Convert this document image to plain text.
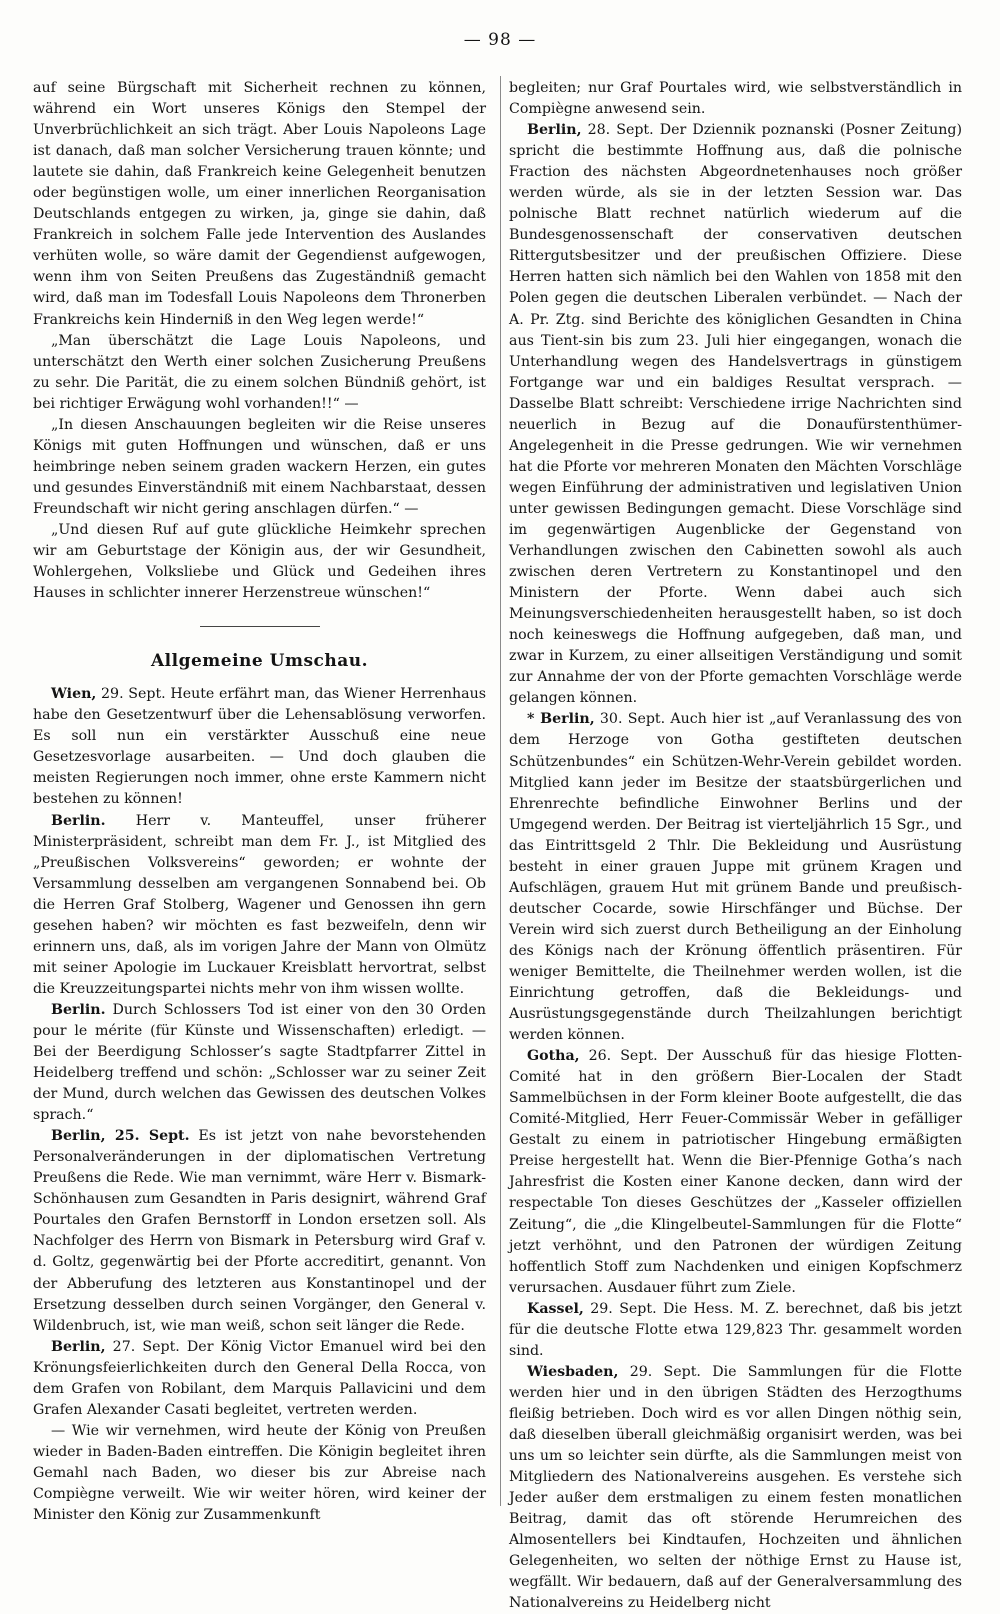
— 98 —

auf seine Bürgschaft mit Sicherheit rechnen zu können, während ein Wort unseres Königs den Stempel der Unverbrüchlichkeit an sich trägt. Aber Louis Napoleons Lage ist danach, daß man solcher Versicherung trauen könnte; und lautete sie dahin, daß Frankreich keine Gelegenheit benutzen oder begünstigen wolle, um einer innerlichen Reorganisation Deutschlands entgegen zu wirken, ja, ginge sie dahin, daß Frankreich in solchem Falle jede Intervention des Auslandes verhüten wolle, so wäre damit der Gegendienst aufgewogen, wenn ihm von Seiten Preußens das Zugeständniß gemacht wird, daß man im Todesfall Louis Napoleons dem Thronerben Frankreichs kein Hinderniß in den Weg legen werde!“

„Man überschätzt die Lage Louis Napoleons, und unterschätzt den Werth einer solchen Zusicherung Preußens zu sehr. Die Parität, die zu einem solchen Bündniß gehört, ist bei richtiger Erwägung wohl vorhanden!!“ —

„In diesen Anschauungen begleiten wir die Reise unseres Königs mit guten Hoffnungen und wünschen, daß er uns heimbringe neben seinem graden wackern Herzen, ein gutes und gesundes Einverständniß mit einem Nachbarstaat, dessen Freundschaft wir nicht gering anschlagen dürfen.“ —

„Und diesen Ruf auf gute glückliche Heimkehr sprechen wir am Geburtstage der Königin aus, der wir Gesundheit, Wohlergehen, Volksliebe und Glück und Gedeihen ihres Hauses in schlichter innerer Herzenstreue wünschen!“

Allgemeine Umschau.

Wien, 29. Sept. Heute erfährt man, das Wiener Herrenhaus habe den Gesetzentwurf über die Lehensablösung verworfen. Es soll nun ein verstärkter Ausschuß eine neue Gesetzesvorlage ausarbeiten. — Und doch glauben die meisten Regierungen noch immer, ohne erste Kammern nicht bestehen zu können!

Berlin. Herr v. Manteuffel, unser früherer Ministerpräsident, schreibt man dem Fr. J., ist Mitglied des „Preußischen Volksvereins“ geworden; er wohnte der Versammlung desselben am vergangenen Sonnabend bei. Ob die Herren Graf Stolberg, Wagener und Genossen ihn gern gesehen haben? wir möchten es fast bezweifeln, denn wir erinnern uns, daß, als im vorigen Jahre der Mann von Olmütz mit seiner Apologie im Luckauer Kreisblatt hervortrat, selbst die Kreuzzeitungspartei nichts mehr von ihm wissen wollte.

Berlin. Durch Schlossers Tod ist einer von den 30 Orden pour le mérite (für Künste und Wissenschaften) erledigt. — Bei der Beerdigung Schlosser’s sagte Stadtpfarrer Zittel in Heidelberg treffend und schön: „Schlosser war zu seiner Zeit der Mund, durch welchen das Gewissen des deutschen Volkes sprach.“

Berlin, 25. Sept. Es ist jetzt von nahe bevorstehenden Personalveränderungen in der diplomatischen Vertretung Preußens die Rede. Wie man vernimmt, wäre Herr v. Bismark-Schönhausen zum Gesandten in Paris designirt, während Graf Pourtales den Grafen Bernstorff in London ersetzen soll. Als Nachfolger des Herrn von Bismark in Petersburg wird Graf v. d. Goltz, gegenwärtig bei der Pforte accreditirt, genannt. Von der Abberufung des letzteren aus Konstantinopel und der Ersetzung desselben durch seinen Vorgänger, den General v. Wildenbruch, ist, wie man weiß, schon seit länger die Rede.

Berlin, 27. Sept. Der König Victor Emanuel wird bei den Krönungsfeierlichkeiten durch den General Della Rocca, von dem Grafen von Robilant, dem Marquis Pallavicini und dem Grafen Alexander Casati begleitet, vertreten werden.

— Wie wir vernehmen, wird heute der König von Preußen wieder in Baden-Baden eintreffen. Die Königin begleitet ihren Gemahl nach Baden, wo dieser bis zur Abreise nach Compiègne verweilt. Wie wir weiter hören, wird keiner der Minister den König zur Zusammenkunft

begleiten; nur Graf Pourtales wird, wie selbstverständlich in Compiègne anwesend sein.

Berlin, 28. Sept. Der Dziennik poznanski (Posner Zeitung) spricht die bestimmte Hoffnung aus, daß die polnische Fraction des nächsten Abgeordnetenhauses noch größer werden würde, als sie in der letzten Session war. Das polnische Blatt rechnet natürlich wiederum auf die Bundesgenossenschaft der conservativen deutschen Rittergutsbesitzer und der preußischen Offiziere. Diese Herren hatten sich nämlich bei den Wahlen von 1858 mit den Polen gegen die deutschen Liberalen verbündet. — Nach der A. Pr. Ztg. sind Berichte des königlichen Gesandten in China aus Tient-sin bis zum 23. Juli hier eingegangen, wonach die Unterhandlung wegen des Handelsvertrags in günstigem Fortgange war und ein baldiges Resultat versprach. — Dasselbe Blatt schreibt: Verschiedene irrige Nachrichten sind neuerlich in Bezug auf die Donaufürstenthümer-Angelegenheit in die Presse gedrungen. Wie wir vernehmen hat die Pforte vor mehreren Monaten den Mächten Vorschläge wegen Einführung der administrativen und legislativen Union unter gewissen Bedingungen gemacht. Diese Vorschläge sind im gegenwärtigen Augenblicke der Gegenstand von Verhandlungen zwischen den Cabinetten sowohl als auch zwischen deren Vertretern zu Konstantinopel und den Ministern der Pforte. Wenn dabei auch sich Meinungsverschiedenheiten herausgestellt haben, so ist doch noch keineswegs die Hoffnung aufgegeben, daß man, und zwar in Kurzem, zu einer allseitigen Verständigung und somit zur Annahme der von der Pforte gemachten Vorschläge werde gelangen können.

* Berlin, 30. Sept. Auch hier ist „auf Veranlassung des von dem Herzoge von Gotha gestifteten deutschen Schützenbundes“ ein Schützen-Wehr-Verein gebildet worden. Mitglied kann jeder im Besitze der staatsbürgerlichen und Ehrenrechte befindliche Einwohner Berlins und der Umgegend werden. Der Beitrag ist vierteljährlich 15 Sgr., und das Eintrittsgeld 2 Thlr. Die Bekleidung und Ausrüstung besteht in einer grauen Juppe mit grünem Kragen und Aufschlägen, grauem Hut mit grünem Bande und preußisch-deutscher Cocarde, sowie Hirschfänger und Büchse. Der Verein wird sich zuerst durch Betheiligung an der Einholung des Königs nach der Krönung öffentlich präsentiren. Für weniger Bemittelte, die Theilnehmer werden wollen, ist die Einrichtung getroffen, daß die Bekleidungs- und Ausrüstungsgegenstände durch Theilzahlungen berichtigt werden können.

Gotha, 26. Sept. Der Ausschuß für das hiesige Flotten-Comité hat in den größern Bier-Localen der Stadt Sammelbüchsen in der Form kleiner Boote aufgestellt, die das Comité-Mitglied, Herr Feuer-Commissär Weber in gefälliger Gestalt zu einem in patriotischer Hingebung ermäßigten Preise hergestellt hat. Wenn die Bier-Pfennige Gotha’s nach Jahresfrist die Kosten einer Kanone decken, dann wird der respectable Ton dieses Geschützes der „Kasseler offiziellen Zeitung“, die „die Klingelbeutel-Sammlungen für die Flotte“ jetzt verhöhnt, und den Patronen der würdigen Zeitung hoffentlich Stoff zum Nachdenken und einigen Kopfschmerz verursachen. Ausdauer führt zum Ziele.

Kassel, 29. Sept. Die Hess. M. Z. berechnet, daß bis jetzt für die deutsche Flotte etwa 129,823 Thr. gesammelt worden sind.

Wiesbaden, 29. Sept. Die Sammlungen für die Flotte werden hier und in den übrigen Städten des Herzogthums fleißig betrieben. Doch wird es vor allen Dingen nöthig sein, daß dieselben überall gleichmäßig organisirt werden, was bei uns um so leichter sein dürfte, als die Sammlungen meist von Mitgliedern des Nationalvereins ausgehen. Es verstehe sich Jeder außer dem erstmaligen zu einem festen monatlichen Beitrag, damit das oft störende Herumreichen des Almosentellers bei Kindtaufen, Hochzeiten und ähnlichen Gelegenheiten, wo selten der nöthige Ernst zu Hause ist, wegfällt. Wir bedauern, daß auf der Generalversammlung des Nationalvereins zu Heidelberg nicht
